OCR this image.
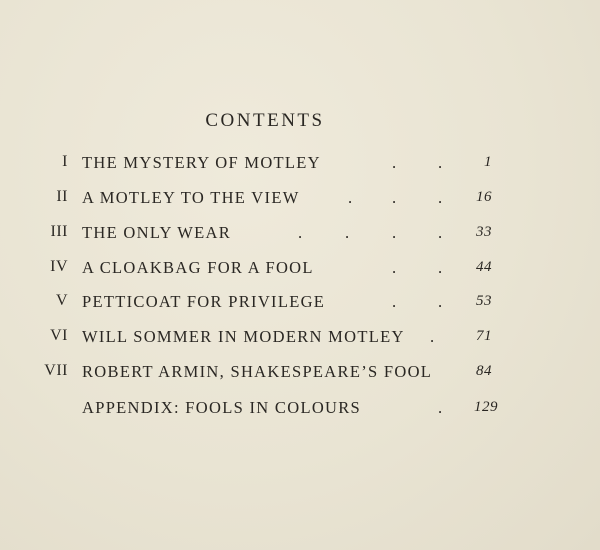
CONTENTS
I THE MYSTERY OF MOTLEY	.	.	1
II A MOTLEY TO THE VIEW	. .	. 16
III THE ONLY WEAR	.	.	.	. 33
IV A CLOAKBAG FOR A FOOL	.	. 44
V PETTICOAT FOR PRIVILEGE	.	. 53
VI WILL SOMMER IN MODERN MOTLEY .	71
VII ROBERT ARMIN, SHAKESPEARE’S FOOL	84
APPENDIX: FOOLS IN COLOURS	. 129
